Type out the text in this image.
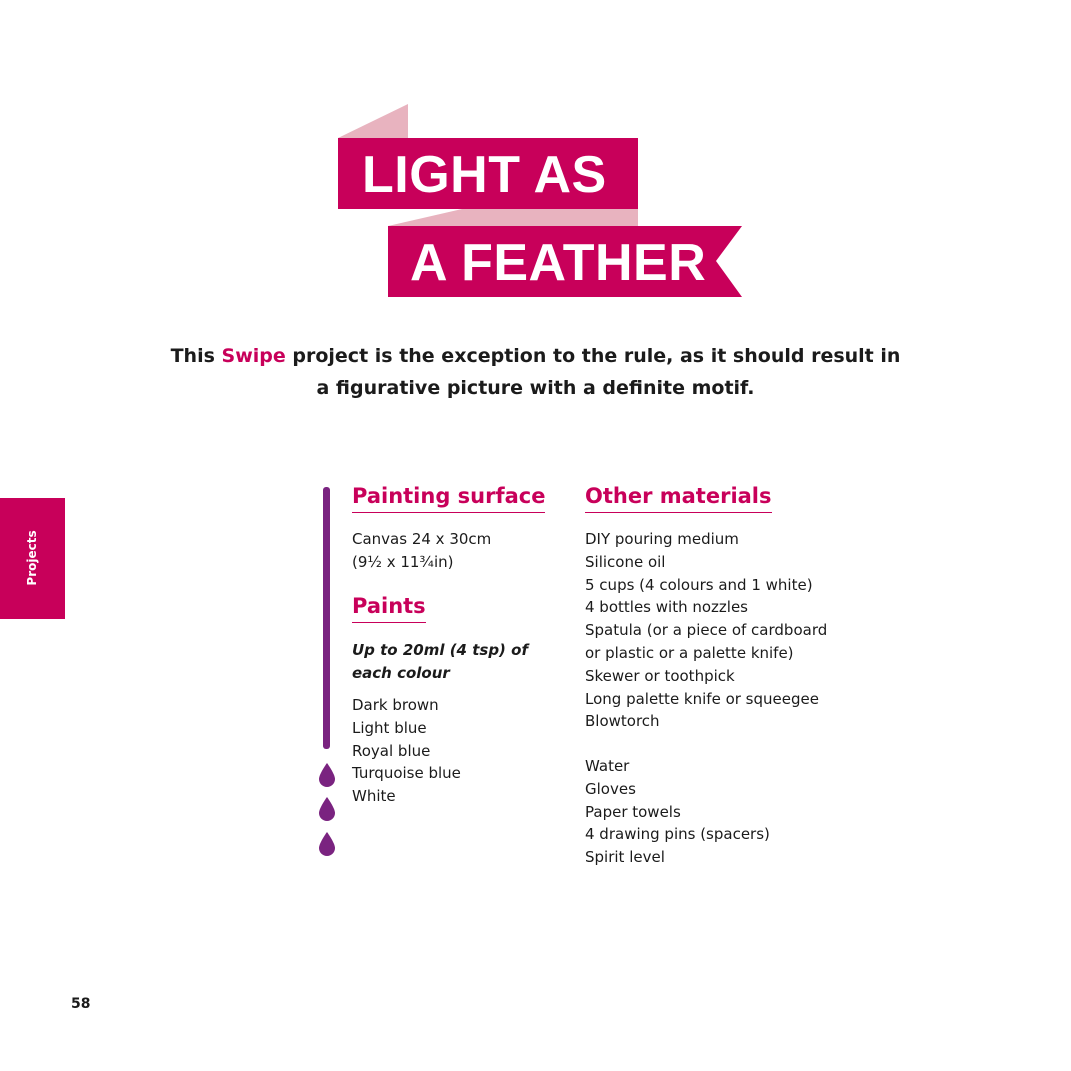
LIGHT AS
A FEATHER
This Swipe project is the exception to the rule, as it should result in
a figurative picture with a definite motif.
Projects
Painting surface
Canvas 24 x 30cm
(9½ x 11¾in)
Paints
Up to 20ml (4 tsp) of
each colour
Dark brown
Light blue
Royal blue
Turquoise blue
White
Other materials
DIY pouring medium
Silicone oil
5 cups (4 colours and 1 white)
4 bottles with nozzles
Spatula (or a piece of cardboard
or plastic or a palette knife)
Skewer or toothpick
Long palette knife or squeegee
Blowtorch
Water
Gloves
Paper towels
4 drawing pins (spacers)
Spirit level
58
